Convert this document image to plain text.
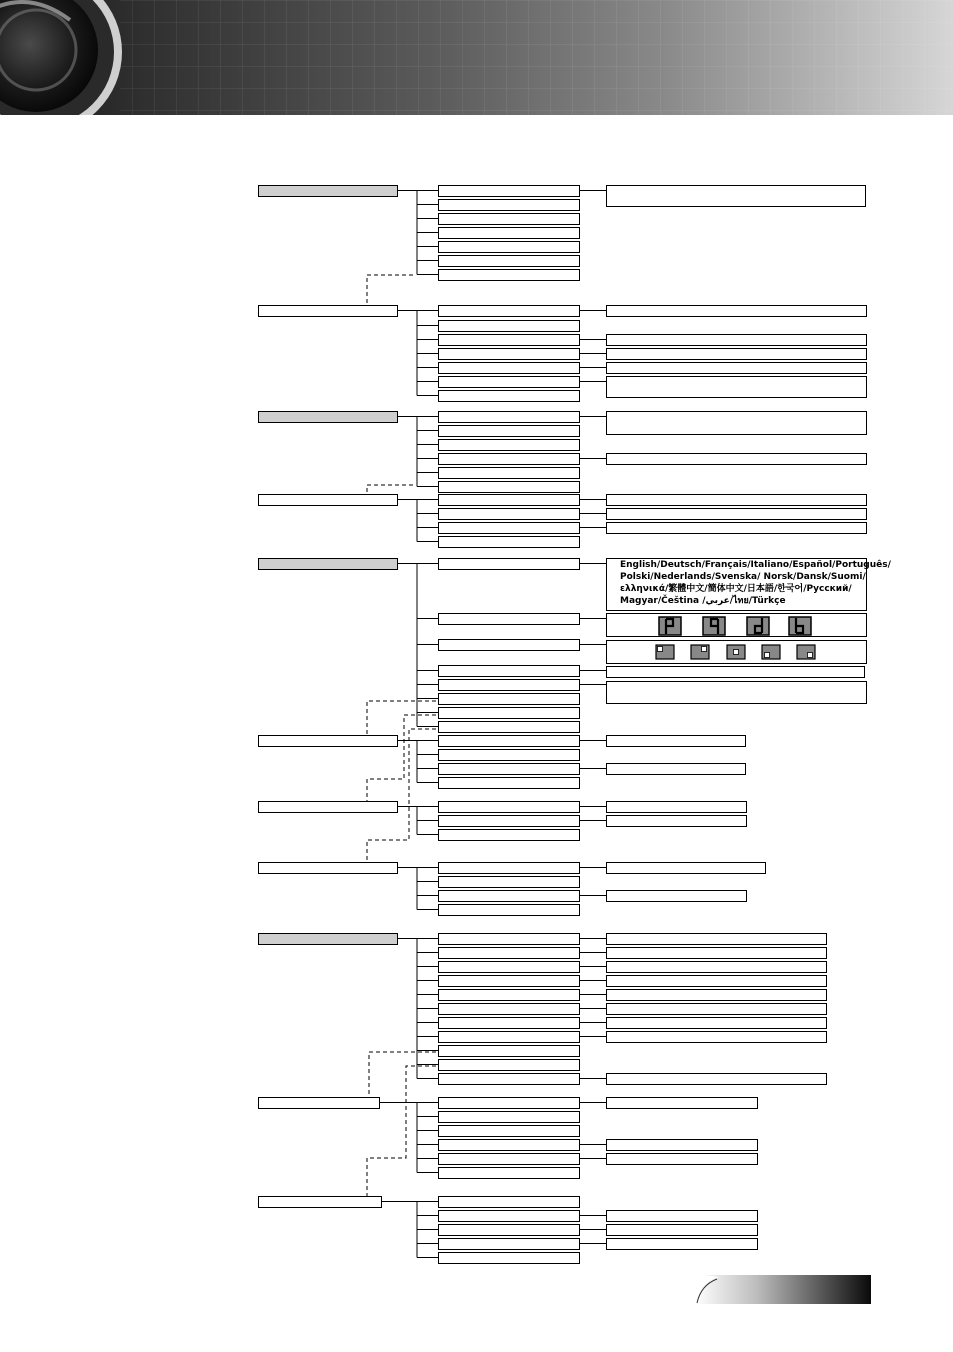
English/Deutsch/Français/Italiano/Español/Português/
Polski/Nederlands/Svenska/ Norsk/Dansk/Suomi/
ελληνικά/繁體中文/簡体中文/日本語/한국어/Русский/
Magyar/Čeština /عربي/ไทย/Türkçe
